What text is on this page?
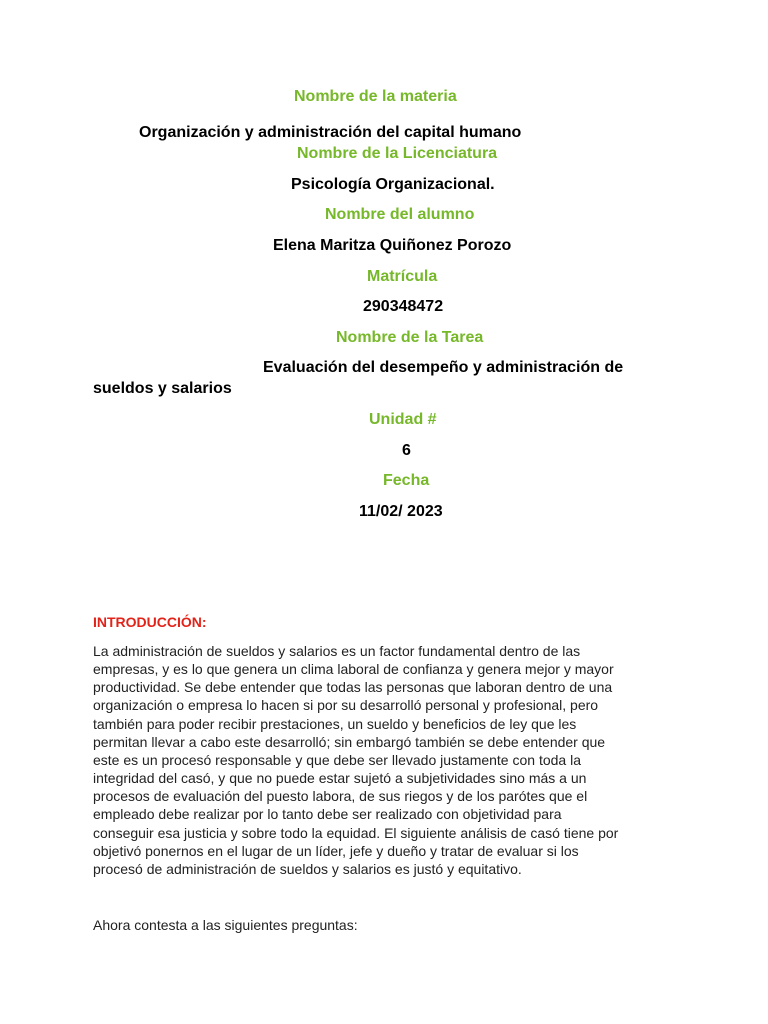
Nombre de la materia
Organización y administración del capital humano
Nombre de la Licenciatura
Psicología Organizacional.
Nombre del alumno
Elena Maritza Quiñonez Porozo
Matrícula
290348472
Nombre de la Tarea
Evaluación del desempeño y administración de
sueldos y salarios
Unidad #
6
Fecha
11/02/ 2023
INTRODUCCIÓN:
La administración de sueldos y salarios es un factor fundamental dentro de las
empresas, y es lo que genera un clima laboral de confianza y genera mejor y mayor
productividad. Se debe entender que todas las personas que laboran dentro de una
organización o empresa lo hacen si por su desarrolló personal y profesional, pero
también para poder recibir prestaciones, un sueldo y beneficios de ley que les
permitan llevar a cabo este desarrolló; sin embargó también se debe entender que
este es un procesó responsable y que debe ser llevado justamente con toda la
integridad del casó, y que no puede estar sujetó a subjetividades sino más a un
procesos de evaluación del puesto labora, de sus riegos y de los parótes que el
empleado debe realizar por lo tanto debe ser realizado con objetividad para
conseguir esa justicia y sobre todo la equidad. El siguiente análisis de casó tiene por
objetivó ponernos en el lugar de un líder, jefe y dueño y tratar de evaluar si los
procesó de administración de sueldos y salarios es justó y equitativo.
Ahora contesta a las siguientes preguntas:
